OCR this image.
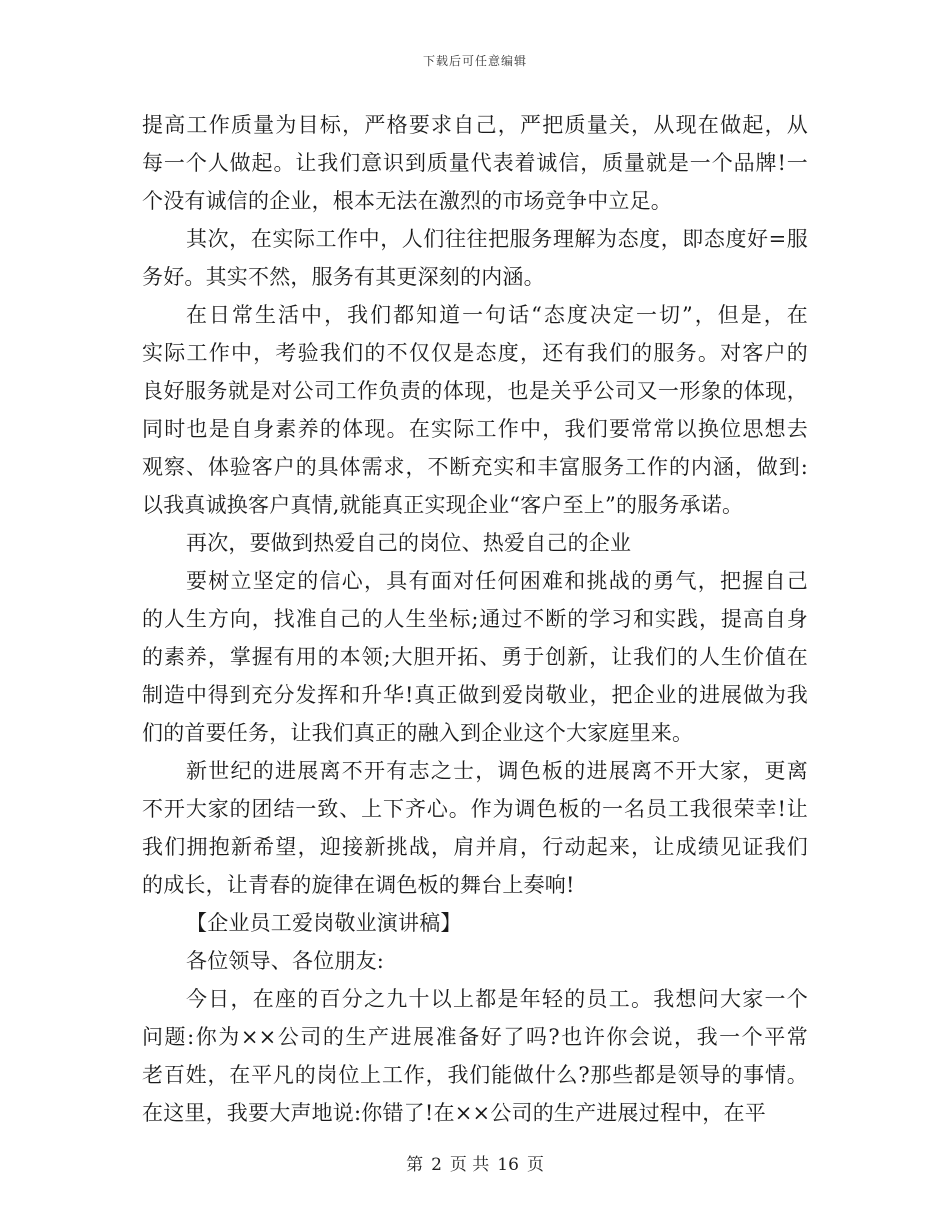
下载后可任意编辑
提高工作质量为目标，严格要求自己，严把质量关，从现在做起，从
每一个人做起。让我们意识到质量代表着诚信，质量就是一个品牌!一
个没有诚信的企业，根本无法在激烈的市场竞争中立足。
其次，在实际工作中，人们往往把服务理解为态度，即态度好=服
务好。其实不然，服务有其更深刻的内涵。
在日常生活中，我们都知道一句话“态度决定一切”，但是，在
实际工作中，考验我们的不仅仅是态度，还有我们的服务。对客户的
良好服务就是对公司工作负责的体现，也是关乎公司又一形象的体现，
同时也是自身素养的体现。在实际工作中，我们要常常以换位思想去
观察、体验客户的具体需求，不断充实和丰富服务工作的内涵，做到:
以我真诚换客户真情,就能真正实现企业“客户至上”的服务承诺。
再次，要做到热爱自己的岗位、热爱自己的企业
要树立坚定的信心，具有面对任何困难和挑战的勇气，把握自己
的人生方向，找准自己的人生坐标;通过不断的学习和实践，提高自身
的素养，掌握有用的本领;大胆开拓、勇于创新，让我们的人生价值在
制造中得到充分发挥和升华!真正做到爱岗敬业，把企业的进展做为我
们的首要任务，让我们真正的融入到企业这个大家庭里来。
新世纪的进展离不开有志之士，调色板的进展离不开大家，更离
不开大家的团结一致、上下齐心。作为调色板的一名员工我很荣幸!让
我们拥抱新希望，迎接新挑战，肩并肩，行动起来，让成绩见证我们
的成长，让青春的旋律在调色板的舞台上奏响!
【企业员工爱岗敬业演讲稿】
各位领导、各位朋友:
今日，在座的百分之九十以上都是年轻的员工。我想问大家一个
问题:你为××公司的生产进展准备好了吗?也许你会说，我一个平常
老百姓，在平凡的岗位上工作，我们能做什么?那些都是领导的事情。
在这里，我要大声地说:你错了!在××公司的生产进展过程中，在平
第 2 页 共 16 页
